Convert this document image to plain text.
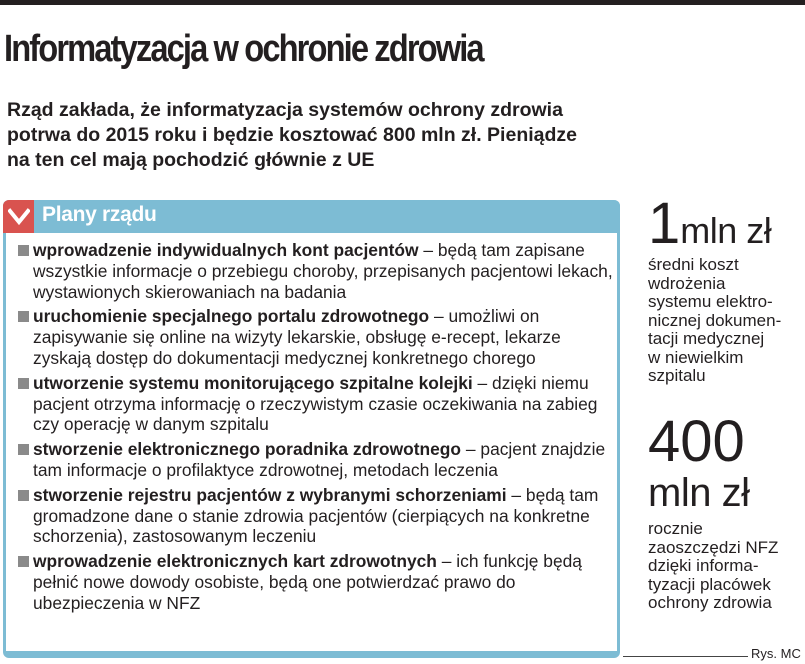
Informatyzacja w ochronie zdrowia
Rząd zakłada, że informatyzacja systemów ochrony zdrowia
potrwa do 2015 roku i będzie kosztować 800 mln zł. Pieniądze
na ten cel mają pochodzić głównie z UE
Plany rządu
wprowadzenie indywidualnych kont pacjentów – będą tam zapisane wszystkie informacje o przebiegu choroby, przepisanych pacjentowi lekach, wystawionych skierowaniach na badania
uruchomienie specjalnego portalu zdrowotnego – umożliwi on zapisywanie się online na wizyty lekarskie, obsługę e-recept, lekarze zyskają dostęp do dokumentacji medycznej konkretnego chorego
utworzenie systemu monitorującego szpitalne kolejki – dzięki niemu pacjent otrzyma informację o rzeczywistym czasie oczekiwania na zabieg czy operację w danym szpitalu
stworzenie elektronicznego poradnika zdrowotnego – pacjent znajdzie tam informacje o profilaktyce zdrowotnej, metodach leczenia
stworzenie rejestru pacjentów z wybranymi schorzeniami – będą tam gromadzone dane o stanie zdrowia pacjentów (cierpiących na konkretne schorzenia), zastosowanym leczeniu
wprowadzenie elektronicznych kart zdrowotnych – ich funkcję będą pełnić nowe dowody osobiste, będą one potwierdzać prawo do ubezpieczenia w NFZ
1mln zł
średni koszt
wdrożenia
systemu elektro-
nicznej dokumen-
tacji medycznej
w niewielkim
szpitalu
400
mln zł
rocznie
zaoszczędzi NFZ
dzięki informa-
tyzacji placówek
ochrony zdrowia
Rys. MC
